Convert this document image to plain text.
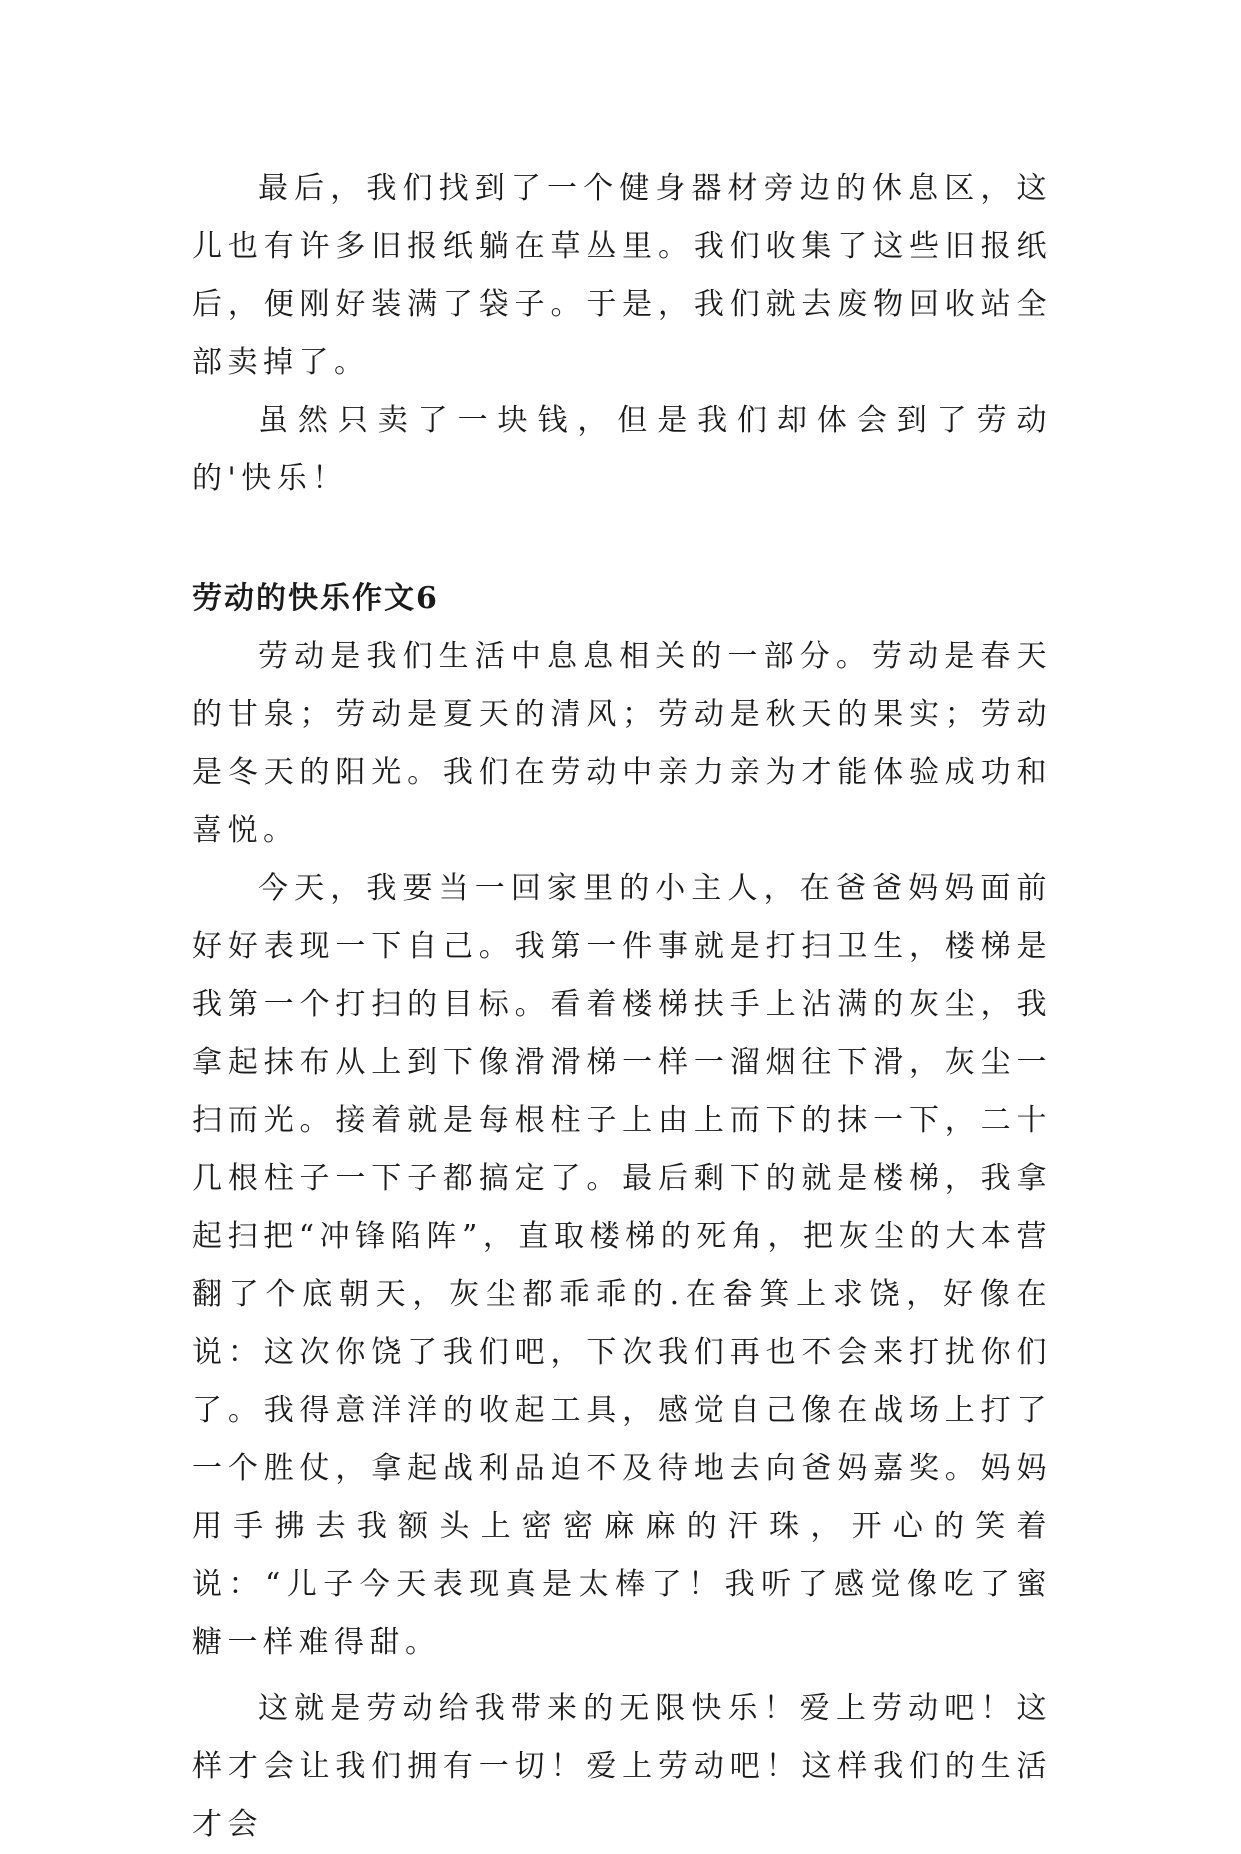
最后，我们找到了一个健身器材旁边的休息区，这儿也有许多旧报纸躺在草丛里。我们收集了这些旧报纸后，便刚好装满了袋子。于是，我们就去废物回收站全部卖掉了。

虽然只卖了一块钱，但是我们却体会到了劳动的'快乐！

劳动的快乐作文6

劳动是我们生活中息息相关的一部分。劳动是春天的甘泉；劳动是夏天的清风；劳动是秋天的果实；劳动是冬天的阳光。我们在劳动中亲力亲为才能体验成功和喜悦。

今天，我要当一回家里的小主人，在爸爸妈妈面前好好表现一下自己。我第一件事就是打扫卫生，楼梯是我第一个打扫的目标。看着楼梯扶手上沾满的灰尘，我拿起抹布从上到下像滑滑梯一样一溜烟往下滑，灰尘一扫而光。接着就是每根柱子上由上而下的抹一下，二十几根柱子一下子都搞定了。最后剩下的就是楼梯，我拿起扫把“冲锋陷阵”，直取楼梯的死角，把灰尘的大本营翻了个底朝天，灰尘都乖乖的.在畚箕上求饶，好像在说：这次你饶了我们吧，下次我们再也不会来打扰你们了。我得意洋洋的收起工具，感觉自己像在战场上打了一个胜仗，拿起战利品迫不及待地去向爸妈嘉奖。妈妈用手拂去我额头上密密麻麻的汗珠，开心的笑着说：“儿子今天表现真是太棒了！我听了感觉像吃了蜜糖一样难得甜。

这就是劳动给我带来的无限快乐！爱上劳动吧！这样才会让我们拥有一切！爱上劳动吧！这样我们的生活才会
